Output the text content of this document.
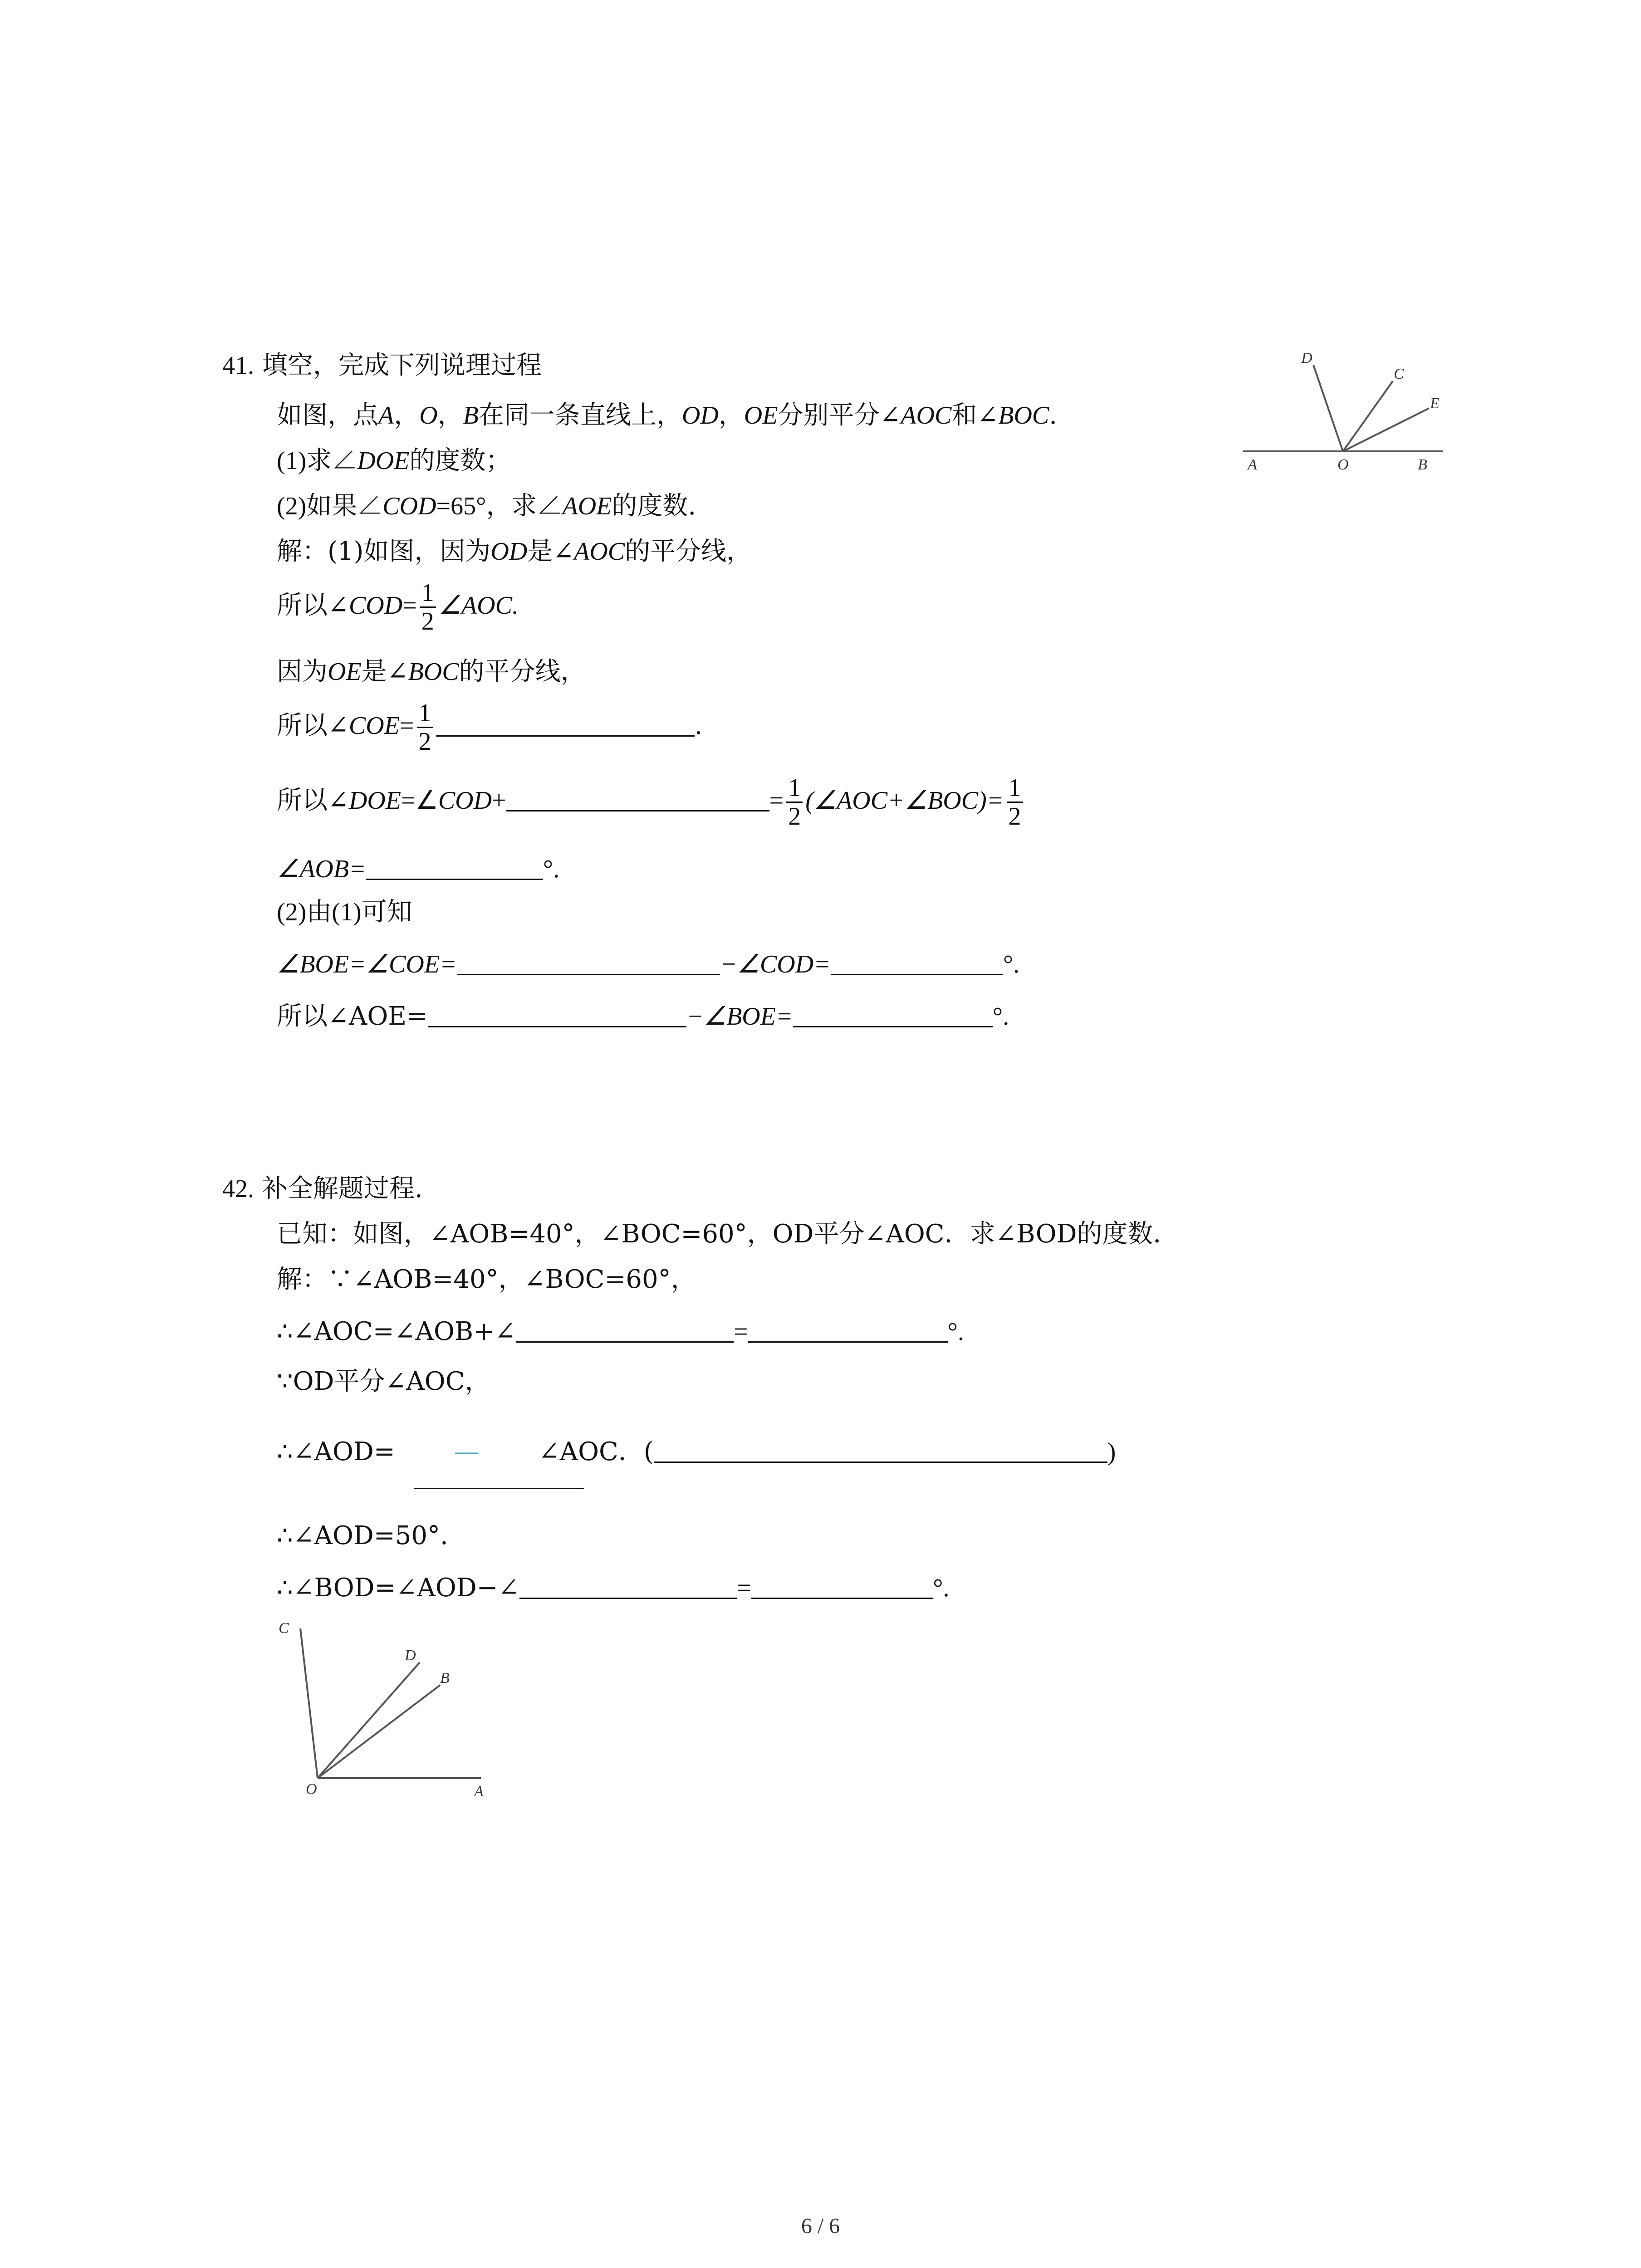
41. 填空，完成下列说理过程
如图，点A，O，B在同一条直线上，OD，OE分别平分∠AOC和∠BOC.
(1)求∠DOE的度数；
(2)如果∠COD=65°，求∠AOE的度数.
解：(1)如图，因为OD是∠AOC的平分线，
所以∠COD= $\frac{1}{2}$ ∠AOC.
因为OE是∠BOC的平分线，
所以∠COE= $\frac{1}{2}$	.
所以∠DOE=∠COD+	= $\frac{1}{2}$ (∠AOC+∠BOC)= $\frac{1}{2}$
∠AOB=	°.
(2)由(1)可知
∠BOE=∠COE=	−∠COD=	°.
所以∠AOE=	−∠BOE=	°.
D
C
E
A	O	B
42. 补全解题过程.
已知：如图，∠AOB=40°，∠BOC=60°，OD平分∠AOC．求∠BOD的度数．
解：∵∠AOB=40°，∠BOC=60°，
∴∠AOC=∠AOB+∠	=	°.
∵OD平分∠AOC，
∴∠AOD= — ∠AOC．(	)
∴∠AOD=50°.
∴∠BOD=∠AOD−∠	=	°.
C
D
B
O	A
6 / 6
